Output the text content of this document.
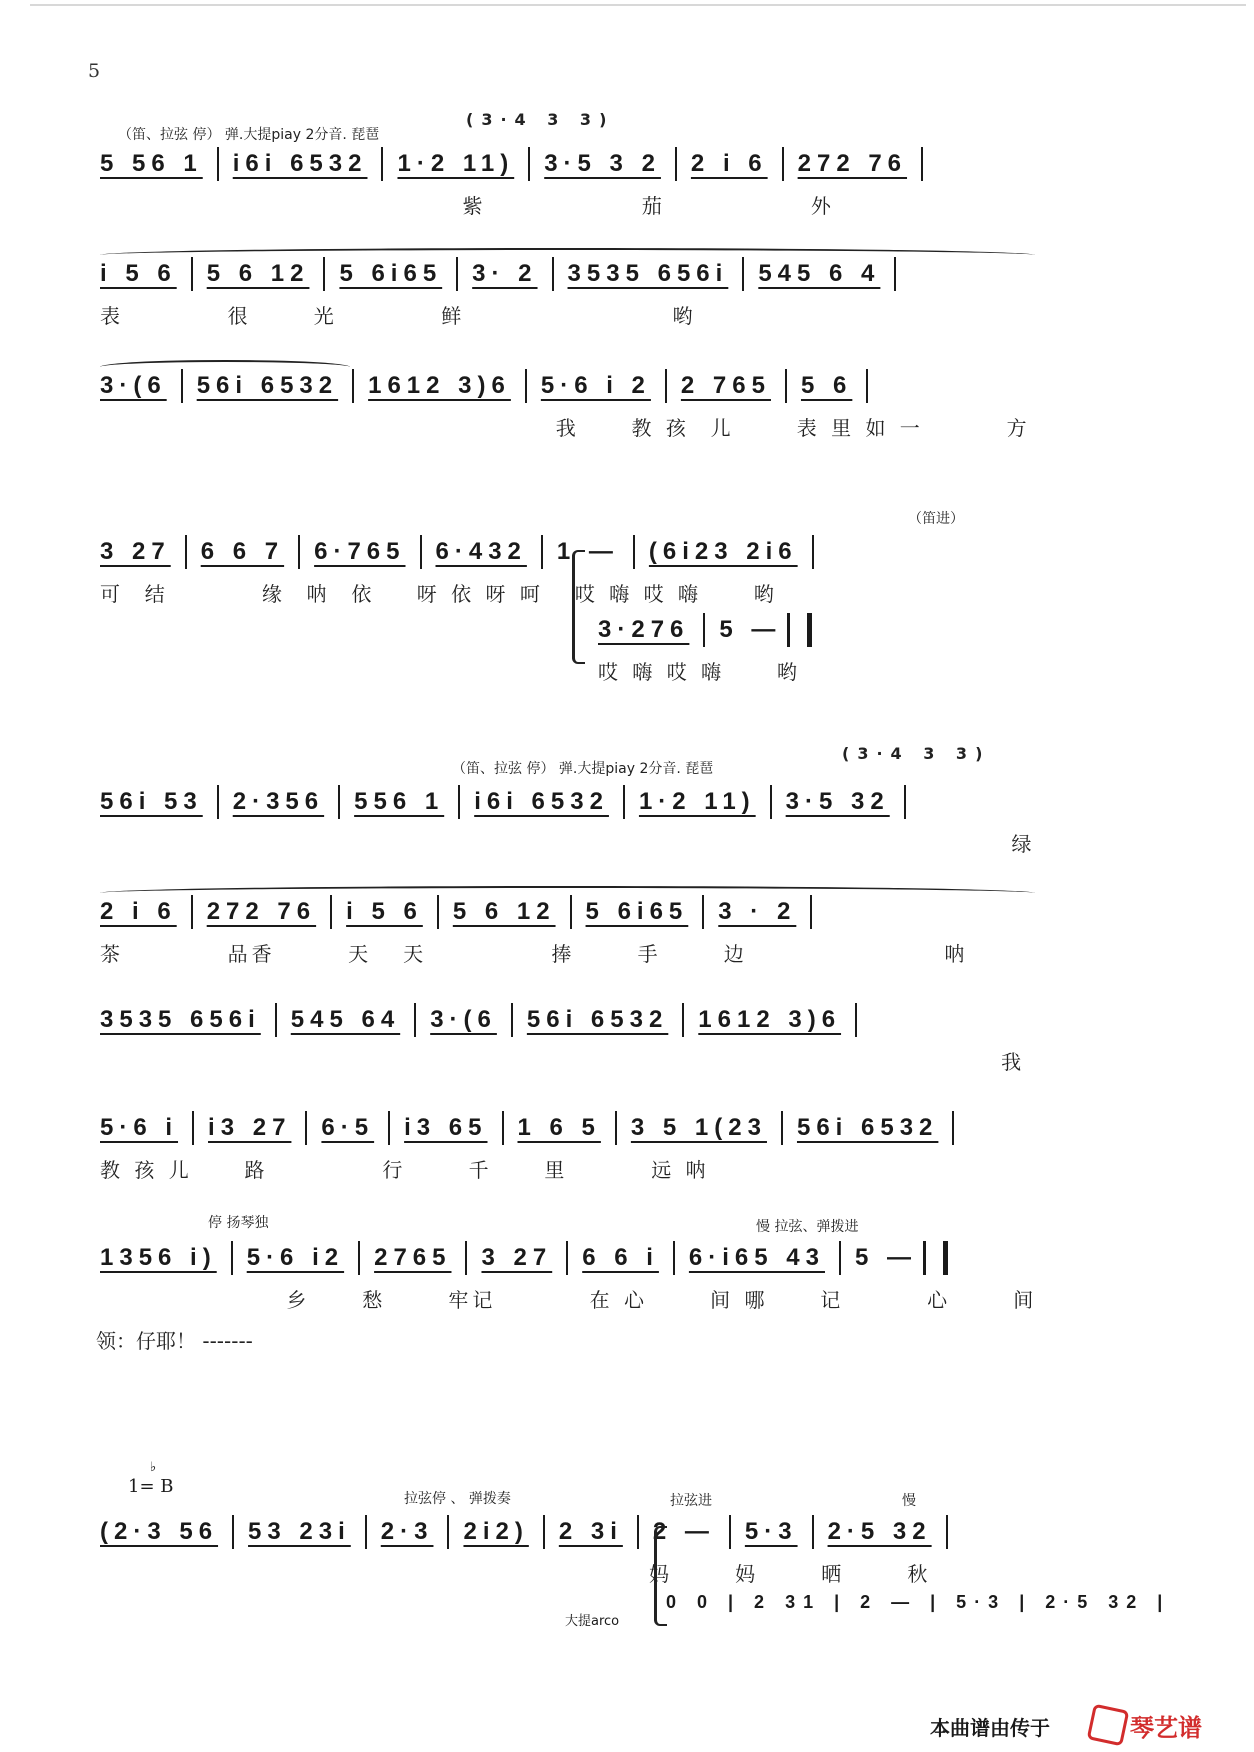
5
（笛、拉弦 停） 弹.大提piay 2分音. 琵琶
(3·4 3 3)
5 56 1 i6i 6532 1·2 11) 3·5 3 2 2 i 6 272 76
紫               茄              外
i 5 6 5 6 12 5 6i65 3· 2 3535 656i 545 6 4
表          很      光          鲜                    哟
3·(6 56i 6532 1612 3)6 5·6 i 2 2 765 5 6
我     教 孩  儿      表 里 如 一        方
（笛进）
3 27 6 6 7 6·765 6·432 1 — (6i23 2i6
可  结         缘  呐  依    呀 依 呀 呵   哎 嗨 哎 嗨     哟
3·276 5 —
哎 嗨 哎 嗨     哟
（笛、拉弦 停） 弹.大提piay 2分音. 琵琶
(3·4 3 3)
56i 53 2·356 556 1 i6i 6532 1·2 11) 3·5 32
绿
2 i 6 272 76 i 5 6 5 6 12 5 6i65 3 · 2
茶          品香       天   天            捧      手      边                   呐
3535 656i 545 64 3·(6 56i 6532 1612 3)6
我
5·6 i i3 27 6·5 i3 65 1 6 5 3 5 1(23 56i 6532
教 孩 儿     路           行      千     里        远 呐
停 扬琴独	慢 拉弦、弹拨进
1356 i) 5·6 i2 2765 3 27 6 6 i 6·i65 43 5 —
乡     愁      牢记         在 心      间 哪     记        心      间
领：仔耶！ -------
♭
1= B
拉弦停 、 弹拨奏	拉弦进	慢
(2·3 56 53 23i 2·3 2i2) 2 3i 2 — 5·3 2·5 32
妈      妈      晒      秋
0 0 | 2 31 | 2 — | 5·3 | 2·5 32 |
大提arco
本曲谱由传于	琴艺谱
